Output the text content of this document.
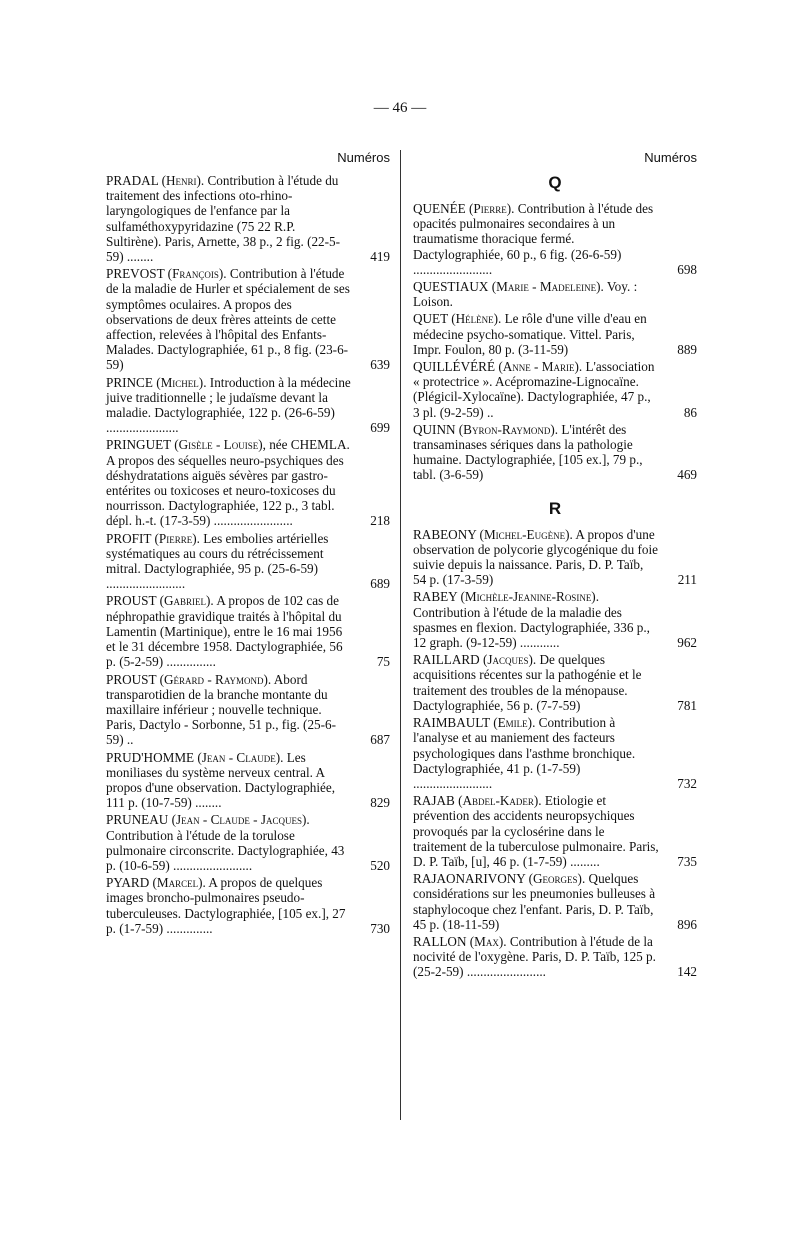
— 46 —
Numéros
PRADAL (Henri). Contribution à l'étude du traitement des infections oto-rhino-laryngologiques de l'enfance par la sulfaméthoxypyridazine (75 22 R.P. Sultirène). Paris, Arnette, 38 p., 2 fig. (22-5-59) ........	419
PREVOST (François). Contribution à l'étude de la maladie de Hurler et spécialement de ses symptômes oculaires. A propos des observations de deux frères atteints de cette affection, relevées à l'hôpital des Enfants-Malades. Dactylographiée, 61 p., 8 fig. (23-6-59)	639
PRINCE (Michel). Introduction à la médecine juive traditionnelle ; le judaïsme devant la maladie. Dactylographiée, 122 p. (26-6-59) ......................	699
PRINGUET (Gisèle - Louise), née CHEMLA. A propos des séquelles neuro-psychiques des déshydratations aiguës sévères par gastro-entérites ou toxicoses et neuro-toxicoses du nourrisson. Dactylographiée, 122 p., 3 tabl. dépl. h.-t. (17-3-59) ........................	218
PROFIT (Pierre). Les embolies artérielles systématiques au cours du rétrécissement mitral. Dactylographiée, 95 p. (25-6-59) ........................	689
PROUST (Gabriel). A propos de 102 cas de néphropathie gravidique traités à l'hôpital du Lamentin (Martinique), entre le 16 mai 1956 et le 31 décembre 1958. Dactylographiée, 56 p. (5-2-59) ...............	75
PROUST (Gérard - Raymond). Abord transparotidien de la branche montante du maxillaire inférieur ; nouvelle technique. Paris, Dactylo - Sorbonne, 51 p., fig. (25-6-59) ..	687
PRUD'HOMME (Jean - Claude). Les moniliases du système nerveux central. A propos d'une observation. Dactylographiée, 111 p. (10-7-59) ........	829
PRUNEAU (Jean - Claude - Jacques). Contribution à l'étude de la torulose pulmonaire circonscrite. Dactylographiée, 43 p. (10-6-59) ........................	520
PYARD (Marcel). A propos de quelques images broncho-pulmonaires pseudo-tuberculeuses. Dactylographiée, [105 ex.], 27 p. (1-7-59) ..............	730
Numéros
Q
QUENÉE (Pierre). Contribution à l'étude des opacités pulmonaires secondaires à un traumatisme thoracique fermé. Dactylographiée, 60 p., 6 fig. (26-6-59) ........................	698
QUESTIAUX (Marie - Madeleine). Voy. : Loison.
QUET (Hélène). Le rôle d'une ville d'eau en médecine psycho-somatique. Vittel. Paris, Impr. Foulon, 80 p. (3-11-59)	889
QUILLÉVÉRÉ (Anne - Marie). L'association « protectrice ». Acépromazine-Lignocaïne. (Plégicil-Xylocaïne). Dactylographiée, 47 p., 3 pl. (9-2-59) ..	86
QUINN (Byron-Raymond). L'intérêt des transaminases sériques dans la pathologie humaine. Dactylographiée, [105 ex.], 79 p., tabl. (3-6-59)	469
R
RABEONY (Michel-Eugène). A propos d'une observation de polycorie glycogénique du foie suivie depuis la naissance. Paris, D. P. Taïb, 54 p. (17-3-59)	211
RABEY (Michèle-Jeanine-Rosine). Contribution à l'étude de la maladie des spasmes en flexion. Dactylographiée, 336 p., 12 graph. (9-12-59) ............	962
RAILLARD (Jacques). De quelques acquisitions récentes sur la pathogénie et le traitement des troubles de la ménopause. Dactylographiée, 56 p. (7-7-59)	781
RAIMBAULT (Emile). Contribution à l'analyse et au maniement des facteurs psychologiques dans l'asthme bronchique. Dactylographiée, 41 p. (1-7-59) ........................	732
RAJAB (Abdel-Kader). Etiologie et prévention des accidents neuropsychiques provoqués par la cyclosérine dans le traitement de la tuberculose pulmonaire. Paris, D. P. Taïb, [u], 46 p. (1-7-59) .........	735
RAJAONARIVONY (Georges). Quelques considérations sur les pneumonies bulleuses à staphylocoque chez l'enfant. Paris, D. P. Taïb, 45 p. (18-11-59)	896
RALLON (Max). Contribution à l'étude de la nocivité de l'oxygène. Paris, D. P. Taïb, 125 p. (25-2-59) ........................	142
